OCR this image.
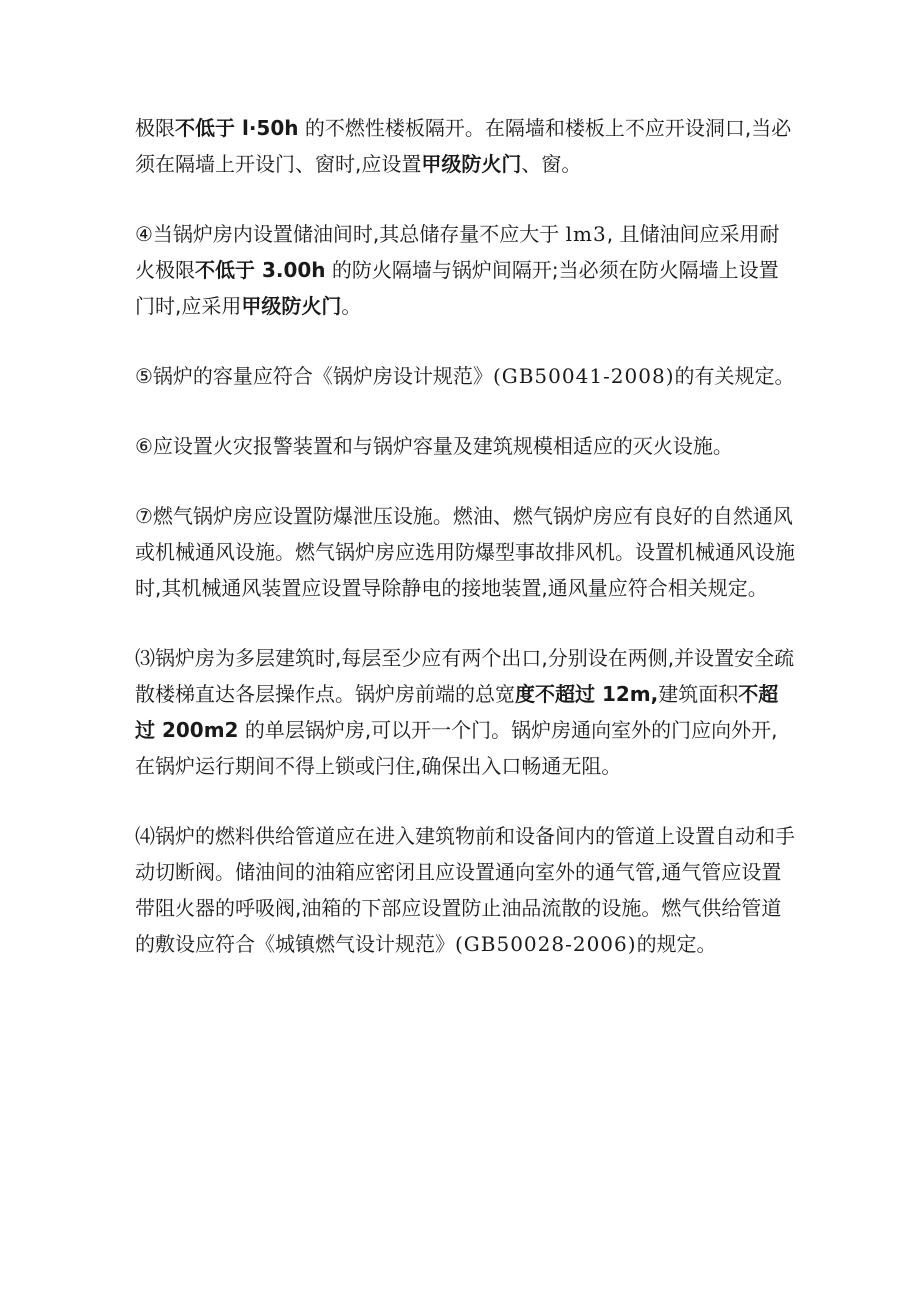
极限不低于 l·50h 的不燃性楼板隔开。在隔墙和楼板上不应开设洞口,当必须在隔墙上开设门、窗时,应设置甲级防火门、窗。

④当锅炉房内设置储油间时,其总储存量不应大于 lm3, 且储油间应采用耐火极限不低于 3.00h 的防火隔墙与锅炉间隔开;当必须在防火隔墙上设置门时,应采用甲级防火门。

⑤锅炉的容量应符合《锅炉房设计规范》(GB50041-2008)的有关规定。

⑥应设置火灾报警装置和与锅炉容量及建筑规模相适应的灭火设施。

⑦燃气锅炉房应设置防爆泄压设施。燃油、燃气锅炉房应有良好的自然通风或机械通风设施。燃气锅炉房应选用防爆型事故排风机。设置机械通风设施时,其机械通风装置应设置导除静电的接地装置,通风量应符合相关规定。

⑶锅炉房为多层建筑时,每层至少应有两个出口,分别设在两侧,并设置安全疏散楼梯直达各层操作点。锅炉房前端的总宽度不超过 12m,建筑面积不超过 200m2 的单层锅炉房,可以开一个门。锅炉房通向室外的门应向外开,在锅炉运行期间不得上锁或闩住,确保出入口畅通无阻。

⑷锅炉的燃料供给管道应在进入建筑物前和设备间内的管道上设置自动和手动切断阀。储油间的油箱应密闭且应设置通向室外的通气管,通气管应设置带阻火器的呼吸阀,油箱的下部应设置防止油品流散的设施。燃气供给管道的敷设应符合《城镇燃气设计规范》(GB50028-2006)的规定。
